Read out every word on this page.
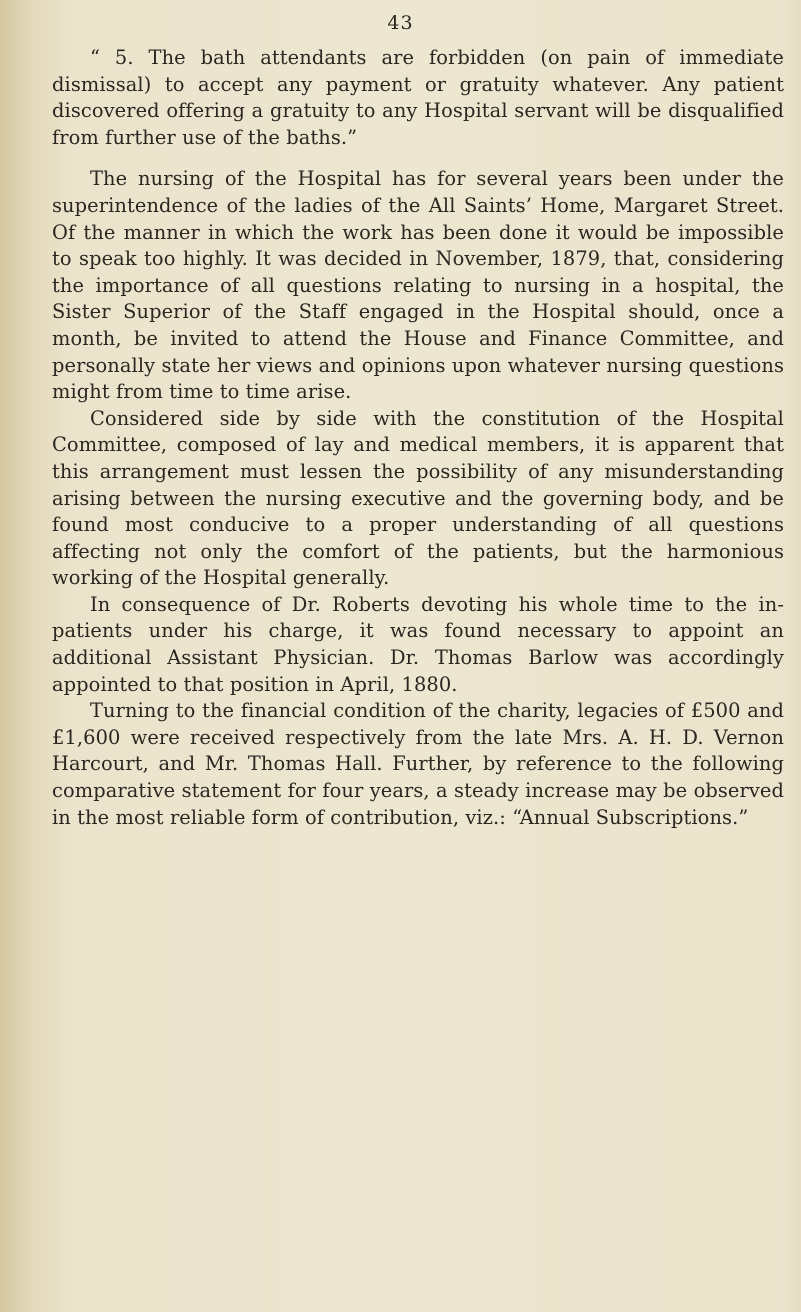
43

“ 5. The bath attendants are forbidden (on pain of immediate dismissal) to accept any payment or gratuity whatever. Any patient discovered offering a gratuity to any Hospital servant will be disqualified from further use of the baths.”

The nursing of the Hospital has for several years been under the superintendence of the ladies of the All Saints’ Home, Margaret Street. Of the manner in which the work has been done it would be impossible to speak too highly. It was decided in November, 1879, that, considering the importance of all questions relating to nursing in a hospital, the Sister Superior of the Staff engaged in the Hospital should, once a month, be invited to attend the House and Finance Committee, and personally state her views and opinions upon whatever nursing questions might from time to time arise.

Considered side by side with the constitution of the Hospital Committee, composed of lay and medical members, it is apparent that this arrangement must lessen the possibility of any misunderstanding arising between the nursing executive and the governing body, and be found most conducive to a proper understanding of all questions affecting not only the comfort of the patients, but the harmonious working of the Hospital generally.

In consequence of Dr. Roberts devoting his whole time to the in-patients under his charge, it was found necessary to appoint an additional Assistant Physician. Dr. Thomas Barlow was accordingly appointed to that position in April, 1880.

Turning to the financial condition of the charity, legacies of £500 and £1,600 were received respectively from the late Mrs. A. H. D. Vernon Harcourt, and Mr. Thomas Hall. Further, by reference to the following comparative statement for four years, a steady increase may be observed in the most reliable form of contribution, viz.: “Annual Subscriptions.”
